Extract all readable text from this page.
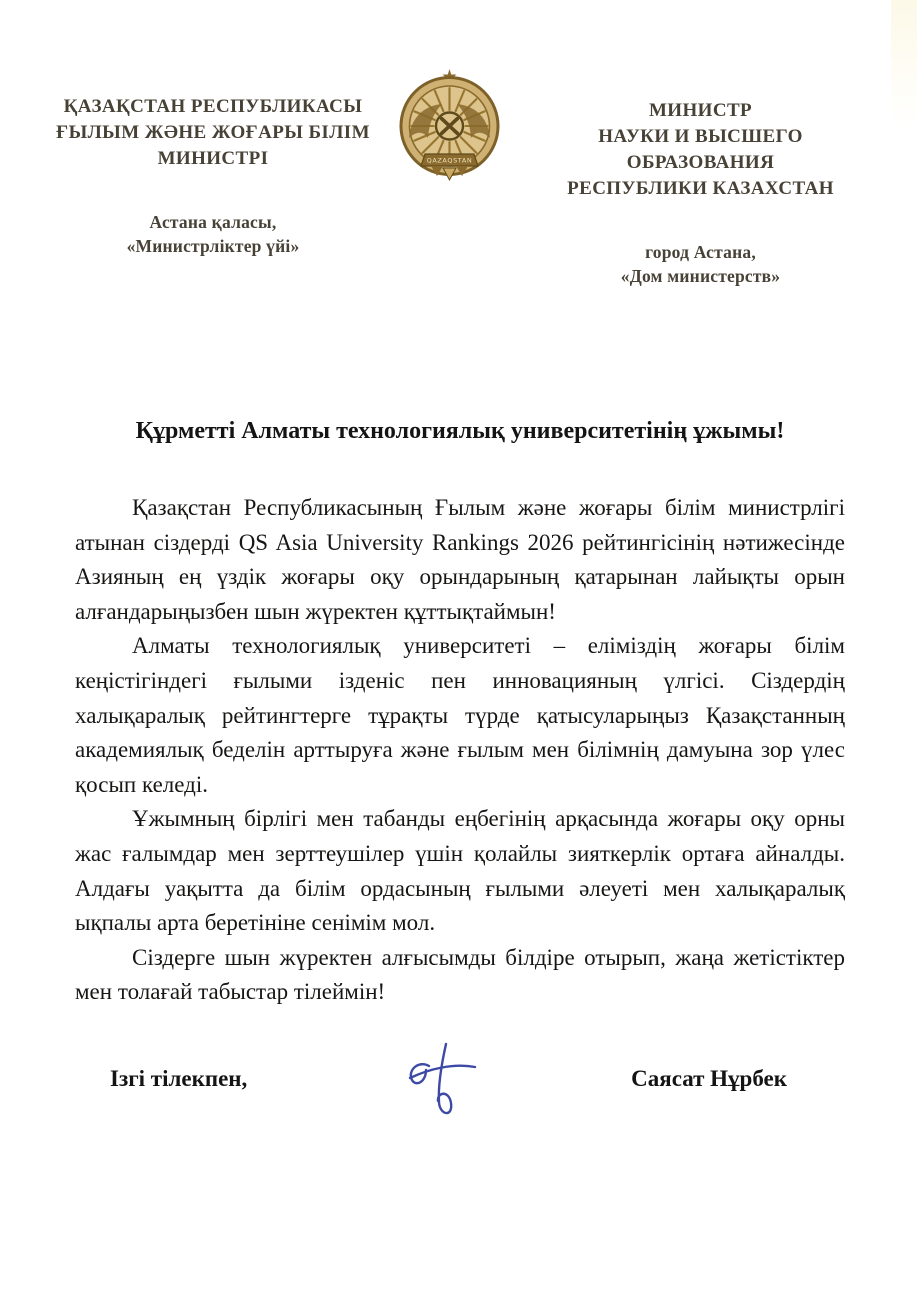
ҚАЗАҚСТАН РЕСПУБЛИКАСЫ
ҒЫЛЫМ ЖӘНЕ ЖОҒАРЫ БІЛІМ
МИНИСТРІ
Астана қаласы,
«Министрліктер үйі»
QAZAQSTAN
МИНИСТР
НАУКИ И ВЫСШЕГО ОБРАЗОВАНИЯ
РЕСПУБЛИКИ КАЗАХСТАН
город Астана,
«Дом министерств»
Құрметті Алматы технологиялық университетінің ұжымы!

Қазақстан Республикасының Ғылым және жоғары білім министрлігі атынан сіздерді QS Asia University Rankings 2026 рейтингісінің нәтижесінде Азияның ең үздік жоғары оқу орындарының қатарынан лайықты орын алғандарыңызбен шын жүректен құттықтаймын!

Алматы технологиялық университеті – еліміздің жоғары білім кеңістігіндегі ғылыми ізденіс пен инновацияның үлгісі. Сіздердің халықаралық рейтингтерге тұрақты түрде қатысуларыңыз Қазақстанның академиялық беделін арттыруға және ғылым мен білімнің дамуына зор үлес қосып келеді.

Ұжымның бірлігі мен табанды еңбегінің арқасында жоғары оқу орны жас ғалымдар мен зерттеушілер үшін қолайлы зияткерлік ортаға айналды. Алдағы уақытта да білім ордасының ғылыми әлеуеті мен халықаралық ықпалы арта беретініне сенімім мол.

Сіздерге шын жүректен алғысымды білдіре отырып, жаңа жетістіктер мен толағай табыстар тілеймін!

Ізгі тілекпен,	Саясат Нұрбек
